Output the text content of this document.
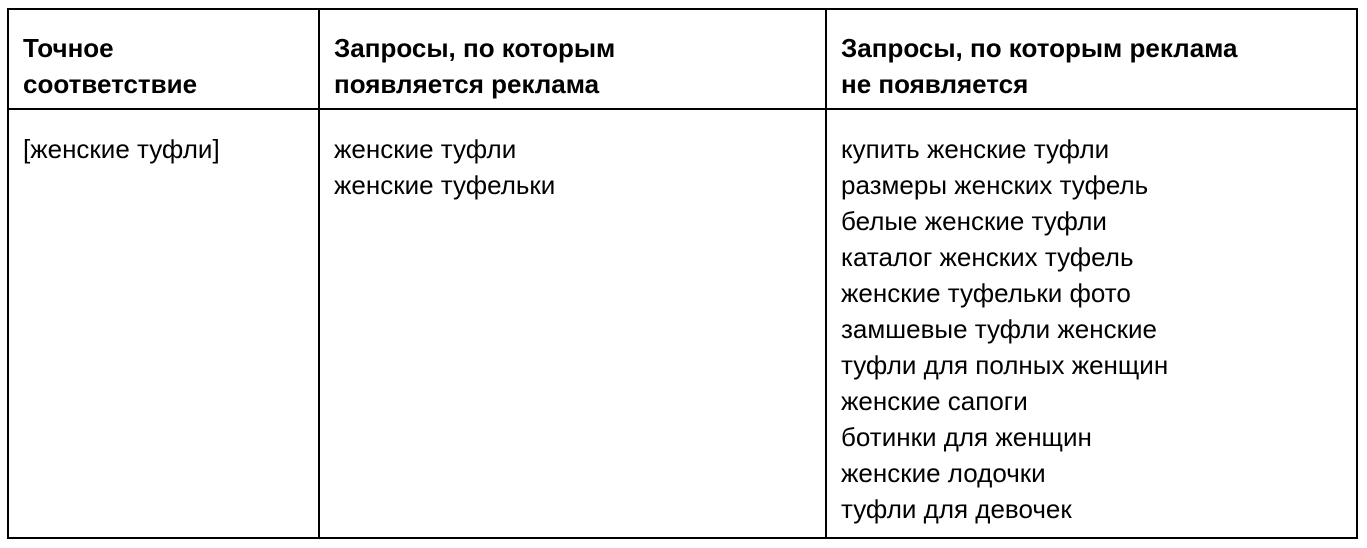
Точное
соответствие
Запросы, по которым
появляется реклама
Запросы, по которым реклама
не появляется
[женские туфли]	женские туфли
женские туфельки
купить женские туфли
размеры женских туфель
белые женские туфли
каталог женских туфель
женские туфельки фото
замшевые туфли женские
туфли для полных женщин
женские сапоги
ботинки для женщин
женские лодочки
туфли для девочек
